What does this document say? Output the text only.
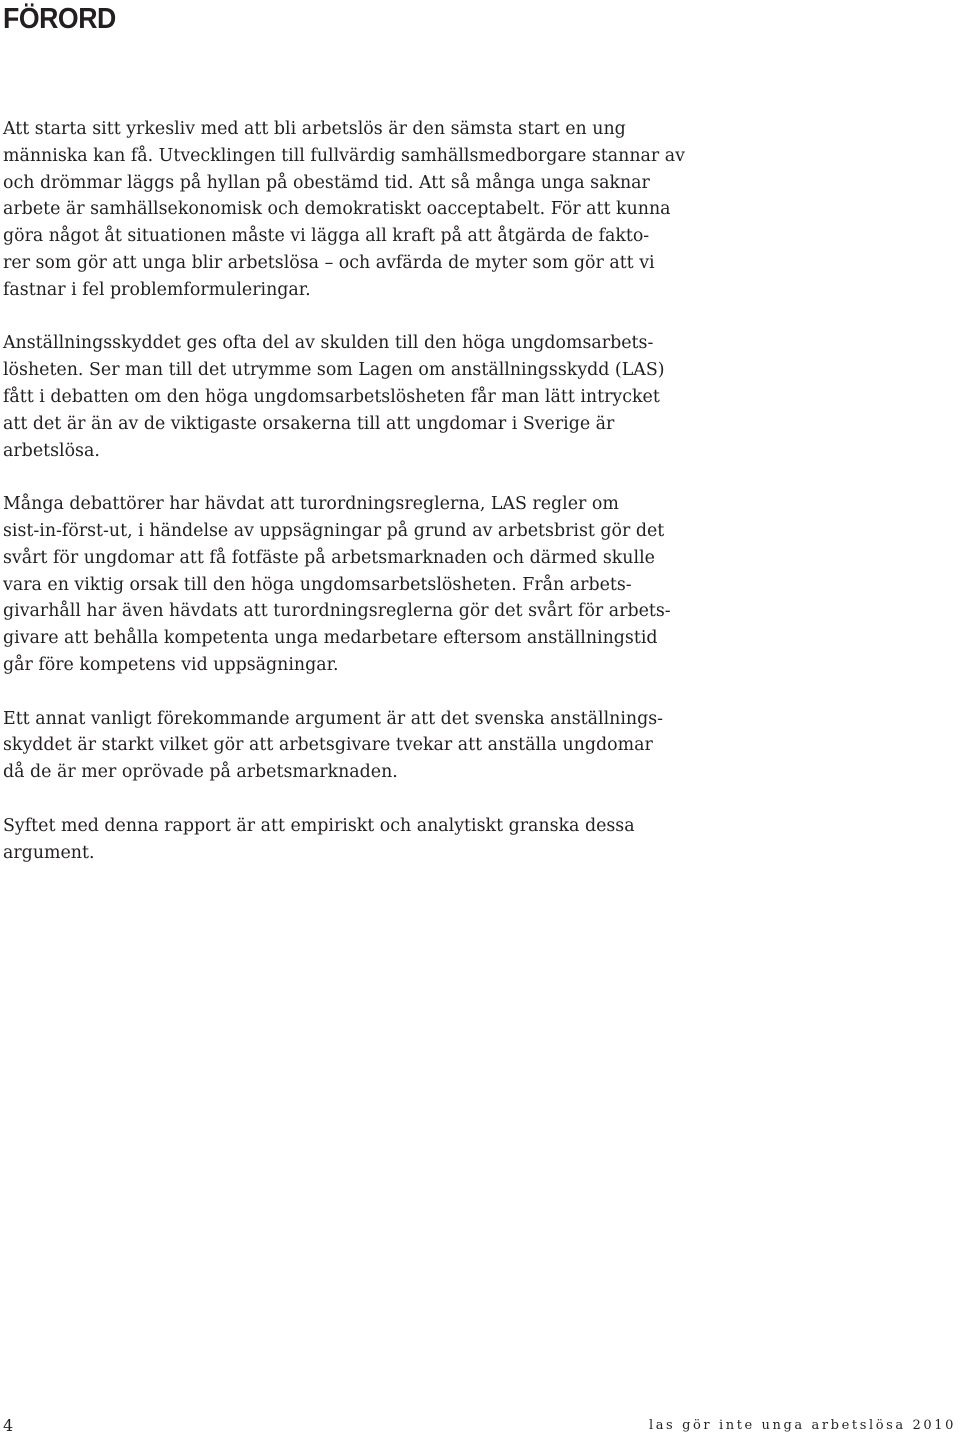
FÖRORD

Att starta sitt yrkesliv med att bli arbetslös är den sämsta start en ung
människa kan få. Utvecklingen till fullvärdig samhällsmedborgare stannar av
och drömmar läggs på hyllan på obestämd tid. Att så många unga saknar
arbete är samhällsekonomisk och demokratiskt oacceptabelt. För att kunna
göra något åt situationen måste vi lägga all kraft på att åtgärda de fakto-
rer som gör att unga blir arbetslösa – och avfärda de myter som gör att vi
fastnar i fel problemformuleringar.

Anställningsskyddet ges ofta del av skulden till den höga ungdomsarbets-
lösheten. Ser man till det utrymme som Lagen om anställningsskydd (LAS)
fått i debatten om den höga ungdomsarbetslösheten får man lätt intrycket
att det är än av de viktigaste orsakerna till att ungdomar i Sverige är
arbetslösa.

Många debattörer har hävdat att turordningsreglerna, LAS regler om
sist-in-först-ut, i händelse av uppsägningar på grund av arbetsbrist gör det
svårt för ungdomar att få fotfäste på arbetsmarknaden och därmed skulle
vara en viktig orsak till den höga ungdomsarbetslösheten. Från arbets-
givarhåll har även hävdats att turordningsreglerna gör det svårt för arbets-
givare att behålla kompetenta unga medarbetare eftersom anställningstid
går före kompetens vid uppsägningar.

Ett annat vanligt förekommande argument är att det svenska anställnings-
skyddet är starkt vilket gör att arbetsgivare tvekar att anställa ungdomar
då de är mer oprövade på arbetsmarknaden.

Syftet med denna rapport är att empiriskt och analytiskt granska dessa
argument.

4	las gör inte unga arbetslösa 2010
